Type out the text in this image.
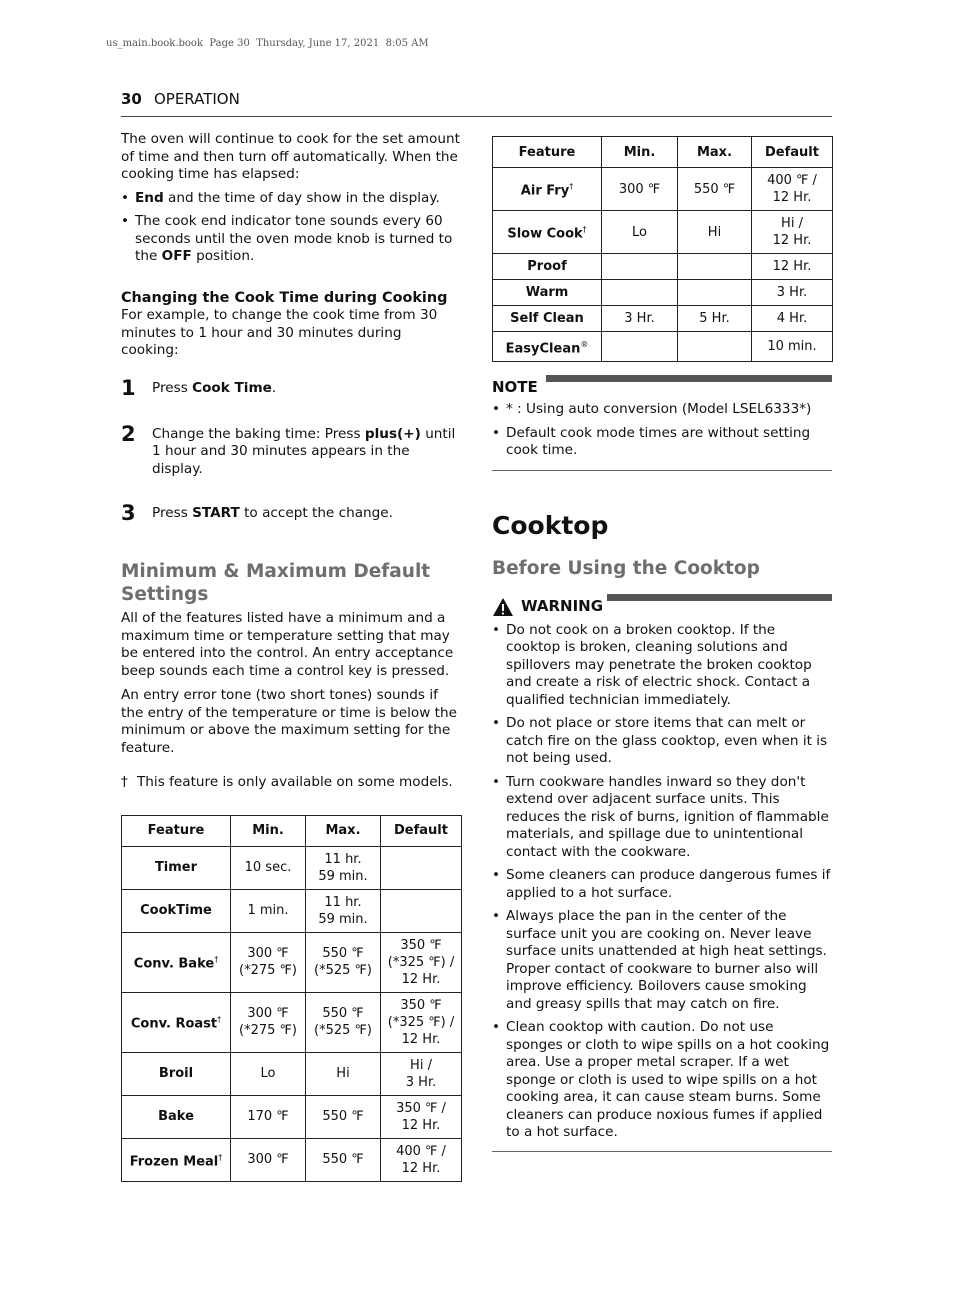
us_main.book.book  Page 30  Thursday, June 17, 2021  8:05 AM
30 OPERATION

The oven will continue to cook for the set amount of time and then turn off automatically. When the cooking time has elapsed:

• End and the time of day show in the display.
• The cook end indicator tone sounds every 60 seconds until the oven mode knob is turned to the OFF position.

Changing the Cook Time during Cooking

For example, to change the cook time from 30 minutes to 1 hour and 30 minutes during cooking:

1	Press Cook Time.
2	Change the baking time: Press plus(+) until 1 hour and 30 minutes appears in the display.
3	Press START to accept the change.

Minimum & Maximum Default Settings

All of the features listed have a minimum and a maximum time or temperature setting that may be entered into the control. An entry acceptance beep sounds each time a control key is pressed.

An entry error tone (two short tones) sounds if the entry of the temperature or time is below the minimum or above the maximum setting for the feature.

† This feature is only available on some models.
Feature	Min.	Max.	Default
Timer	10 sec.	11 hr.
59 min.	
CookTime	1 min.	11 hr.
59 min.	
Conv. Bake†	300 ℉
(*275 ℉)	550 ℉
(*525 ℉)	350 ℉
(*325 ℉) /
12 Hr.
Conv. Roast†	300 ℉
(*275 ℉)	550 ℉
(*525 ℉)	350 ℉
(*325 ℉) /
12 Hr.
Broil	Lo	Hi	Hi /
3 Hr.
Bake	170 ℉	550 ℉	350 ℉ /
12 Hr.
Frozen Meal†	300 ℉	550 ℉	400 ℉ /
12 Hr.
Feature	Min.	Max.	Default
Air Fry†	300 ℉	550 ℉	400 ℉ /
12 Hr.
Slow Cook†	Lo	Hi	Hi /
12 Hr.
Proof			12 Hr.
Warm			3 Hr.
Self Clean	3 Hr.	5 Hr.	4 Hr.
EasyClean®			10 min.
NOTE
• * : Using auto conversion (Model LSEL6333*)
• Default cook mode times are without setting cook time.

Cooktop

Before Using the Cooktop

WARNING
• Do not cook on a broken cooktop. If the cooktop is broken, cleaning solutions and spillovers may penetrate the broken cooktop and create a risk of electric shock. Contact a qualified technician immediately.
• Do not place or store items that can melt or catch fire on the glass cooktop, even when it is not being used.
• Turn cookware handles inward so they don't extend over adjacent surface units. This reduces the risk of burns, ignition of flammable materials, and spillage due to unintentional contact with the cookware.
• Some cleaners can produce dangerous fumes if applied to a hot surface.
• Always place the pan in the center of the surface unit you are cooking on. Never leave surface units unattended at high heat settings. Proper contact of cookware to burner also will improve efficiency. Boilovers cause smoking and greasy spills that may catch on fire.
• Clean cooktop with caution. Do not use sponges or cloth to wipe spills on a hot cooking area. Use a proper metal scraper. If a wet sponge or cloth is used to wipe spills on a hot cooking area, it can cause steam burns. Some cleaners can produce noxious fumes if applied to a hot surface.
